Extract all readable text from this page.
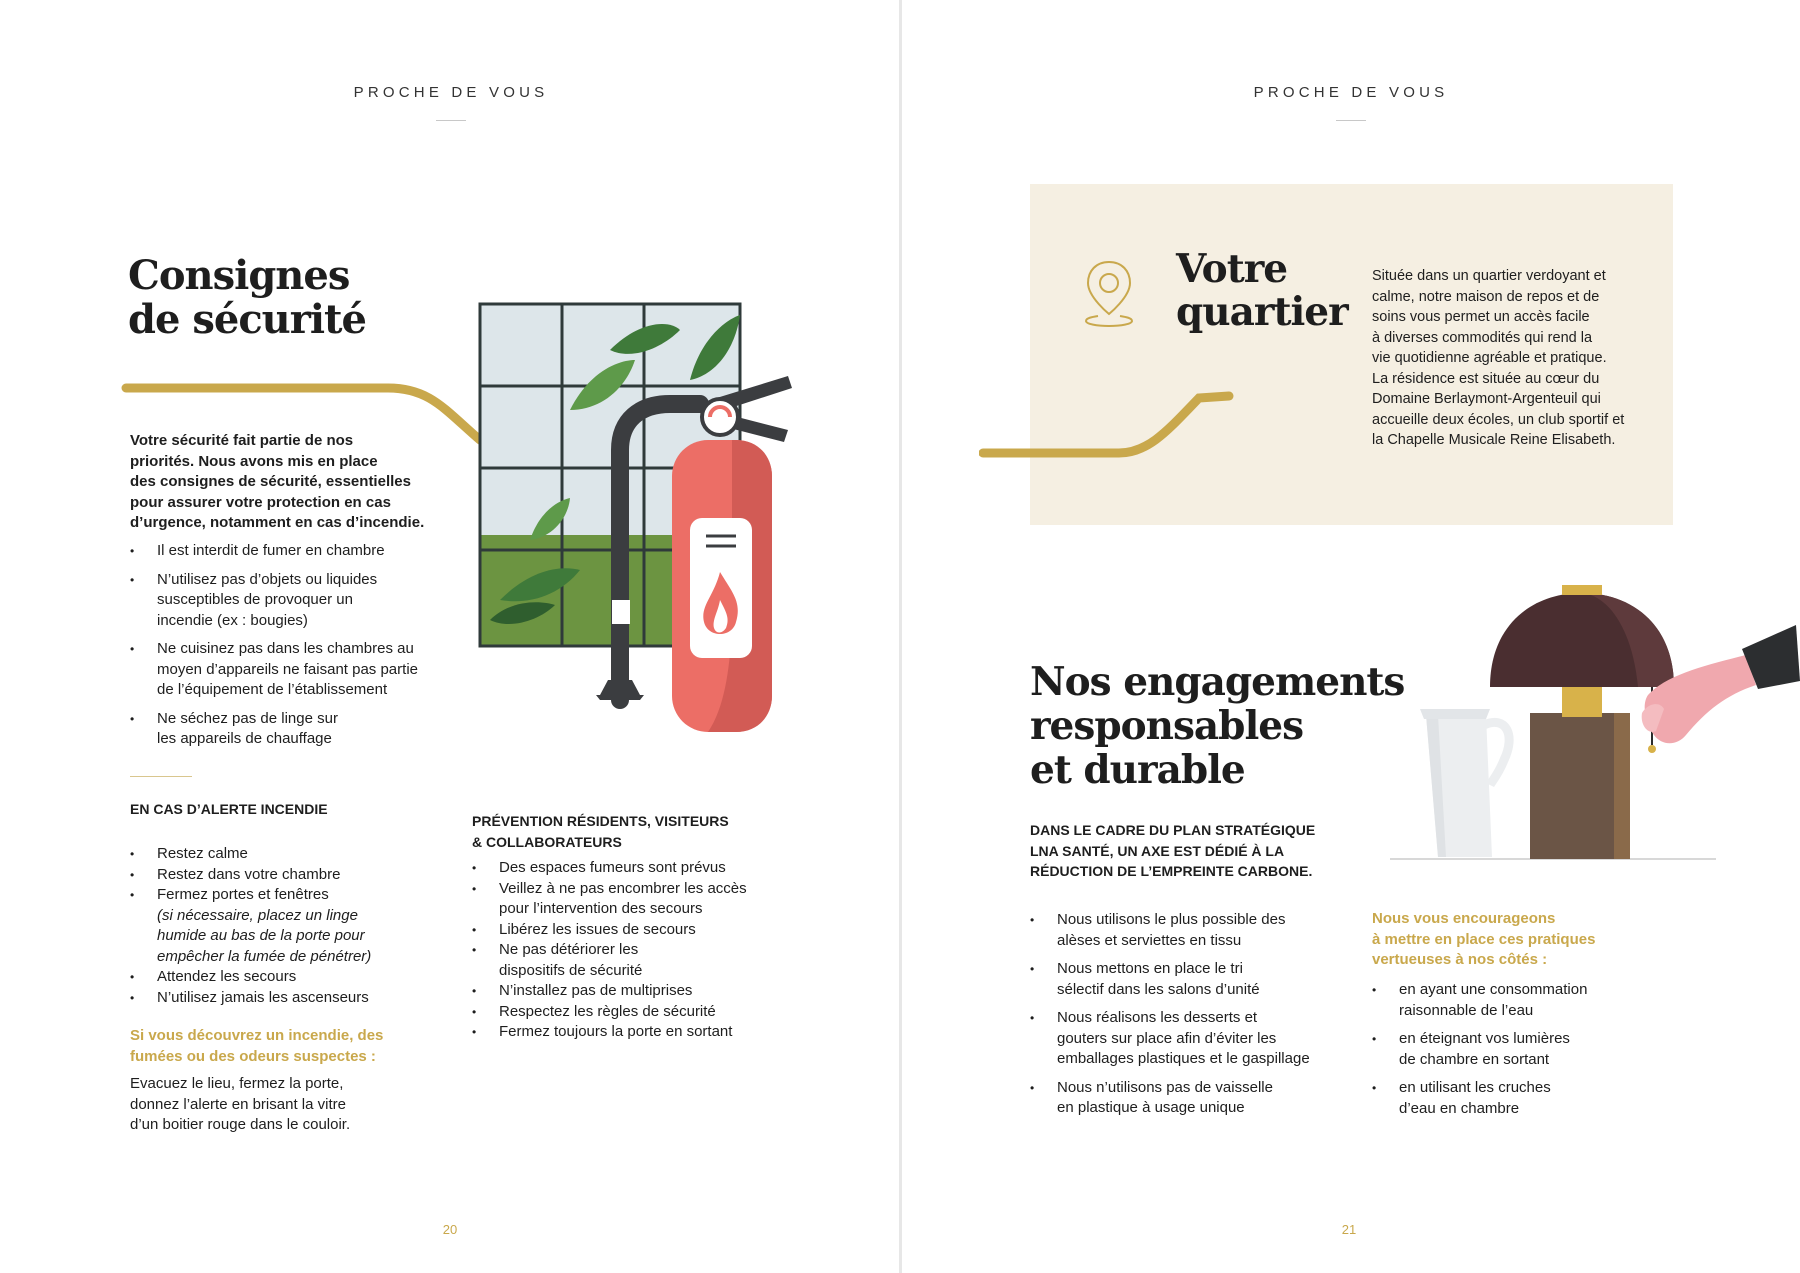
PROCHE DE VOUS
Consignes
de sécurité
Votre sécurité fait partie de nos
priorités. Nous avons mis en place
des consignes de sécurité, essentielles
pour assurer votre protection en cas
d’urgence, notamment en cas d’incendie.
• Il est interdit de fumer en chambre
• N’utilisez pas d’objets ou liquides
susceptibles de provoquer un
incendie (ex : bougies)
• Ne cuisinez pas dans les chambres au
moyen d’appareils ne faisant pas partie
de l’équipement de l’établissement
• Ne séchez pas de linge sur
les appareils de chauffage
EN CAS D’ALERTE INCENDIE
• Restez calme
• Restez dans votre chambre
• Fermez portes et fenêtres
(si nécessaire, placez un linge
humide au bas de la porte pour
empêcher la fumée de pénétrer)
• Attendez les secours
• N’utilisez jamais les ascenseurs
Si vous découvrez un incendie, des
fumées ou des odeurs suspectes :
Evacuez le lieu, fermez la porte,
donnez l’alerte en brisant la vitre
d’un boitier rouge dans le couloir.
PRÉVENTION RÉSIDENTS, VISITEURS
& COLLABORATEURS
• Des espaces fumeurs sont prévus
• Veillez à ne pas encombrer les accès
pour l’intervention des secours
• Libérez les issues de secours
• Ne pas détériorer les
dispositifs de sécurité
• N’installez pas de multiprises
• Respectez les règles de sécurité
• Fermez toujours la porte en sortant
20
PROCHE DE VOUS
Votre
quartier
Située dans un quartier verdoyant et
calme, notre maison de repos et de
soins vous permet un accès facile
à diverses commodités qui rend la
vie quotidienne agréable et pratique.
La résidence est située au cœur du
Domaine Berlaymont-Argenteuil qui
accueille deux écoles, un club sportif et
la Chapelle Musicale Reine Elisabeth.
Nos engagements
responsables
et durable
DANS LE CADRE DU PLAN STRATÉGIQUE
LNA SANTÉ, UN AXE EST DÉDIÉ À LA
RÉDUCTION DE L’EMPREINTE CARBONE.
• Nous utilisons le plus possible des
alèses et serviettes en tissu
• Nous mettons en place le tri
sélectif dans les salons d’unité
• Nous réalisons les desserts et
gouters sur place afin d’éviter les
emballages plastiques et le gaspillage
• Nous n’utilisons pas de vaisselle
en plastique à usage unique
Nous vous encourageons
à mettre en place ces pratiques
vertueuses à nos côtés :
• en ayant une consommation
raisonnable de l’eau
• en éteignant vos lumières
de chambre en sortant
• en utilisant les cruches
d’eau en chambre
21
